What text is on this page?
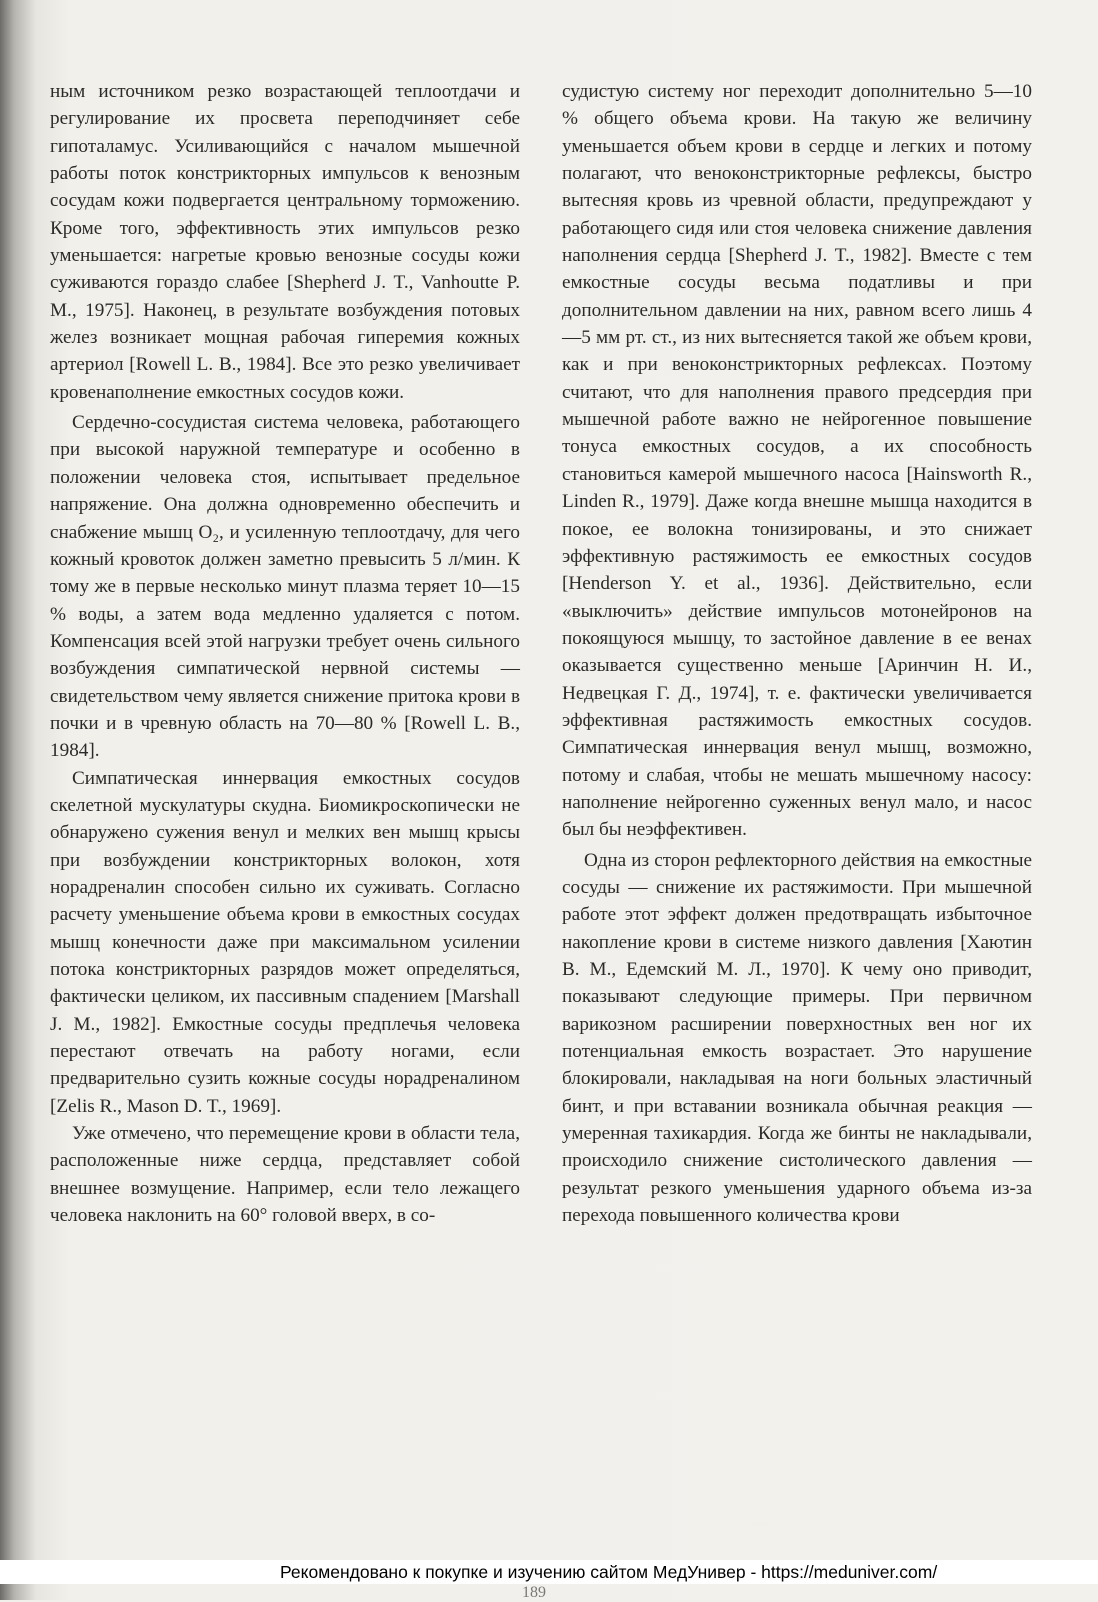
ным источником резко возрастающей теплоотдачи и регулирование их просвета переподчиняет себе гипоталамус. Усиливающийся с началом мышечной работы поток констрикторных импульсов к венозным сосудам кожи подвергается центральному торможению. Кроме того, эффективность этих импульсов резко уменьшается: нагретые кровью венозные сосуды кожи суживаются гораздо слабее [Shepherd J. T., Vanhoutte P. M., 1975]. Наконец, в результате возбуждения потовых желез возникает мощная рабочая гиперемия кожных артериол [Rowell L. B., 1984]. Все это резко увеличивает кровенаполнение емкостных сосудов кожи.

Сердечно-сосудистая система человека, работающего при высокой наружной температуре и особенно в положении человека стоя, испытывает предельное напряжение. Она должна одновременно обеспечить и снабжение мышц O₂, и усиленную теплоотдачу, для чего кожный кровоток должен заметно превысить 5 л/мин. К тому же в первые несколько минут плазма теряет 10—15 % воды, а затем вода медленно удаляется с потом. Компенсация всей этой нагрузки требует очень сильного возбуждения симпатической нервной системы — свидетельством чему является снижение притока крови в почки и в чревную область на 70—80 % [Rowell L. B., 1984].

Симпатическая иннервация емкостных сосудов скелетной мускулатуры скудна. Биомикроскопически не обнаружено сужения венул и мелких вен мышц крысы при возбуждении констрикторных волокон, хотя норадреналин способен сильно их суживать. Согласно расчету уменьшение объема крови в емкостных сосудах мышц конечности даже при максимальном усилении потока констрикторных разрядов может определяться, фактически целиком, их пассивным спадением [Marshall J. M., 1982]. Емкостные сосуды предплечья человека перестают отвечать на работу ногами, если предварительно сузить кожные сосуды норадреналином [Zelis R., Mason D. T., 1969].

Уже отмечено, что перемещение крови в области тела, расположенные ниже сердца, представляет собой внешнее возмущение. Например, если тело лежащего человека наклонить на 60° головой вверх, в со-

судистую систему ног переходит дополнительно 5—10 % общего объема крови. На такую же величину уменьшается объем крови в сердце и легких и потому полагают, что веноконстрикторные рефлексы, быстро вытесняя кровь из чревной области, предупреждают у работающего сидя или стоя человека снижение давления наполнения сердца [Shepherd J. T., 1982]. Вместе с тем емкостные сосуды весьма податливы и при дополнительном давлении на них, равном всего лишь 4—5 мм рт. ст., из них вытесняется такой же объем крови, как и при веноконстрикторных рефлексах. Поэтому считают, что для наполнения правого предсердия при мышечной работе важно не нейрогенное повышение тонуса емкостных сосудов, а их способность становиться камерой мышечного насоса [Hainsworth R., Linden R., 1979]. Даже когда внешне мышца находится в покое, ее волокна тонизированы, и это снижает эффективную растяжимость ее емкостных сосудов [Henderson Y. et al., 1936]. Действительно, если «выключить» действие импульсов мотонейронов на покоящуюся мышцу, то застойное давление в ее венах оказывается существенно меньше [Аринчин Н. И., Недвецкая Г. Д., 1974], т. е. фактически увеличивается эффективная растяжимость емкостных сосудов. Симпатическая иннервация венул мышц, возможно, потому и слабая, чтобы не мешать мышечному насосу: наполнение нейрогенно суженных венул мало, и насос был бы неэффективен.

Одна из сторон рефлекторного действия на емкостные сосуды — снижение их растяжимости. При мышечной работе этот эффект должен предотвращать избыточное накопление крови в системе низкого давления [Хаютин В. М., Едемский М. Л., 1970]. К чему оно приводит, показывают следующие примеры. При первичном варикозном расширении поверхностных вен ног их потенциальная емкость возрастает. Это нарушение блокировали, накладывая на ноги больных эластичный бинт, и при вставании возникала обычная реакция — умеренная тахикардия. Когда же бинты не накладывали, происходило снижение систолического давления — результат резкого уменьшения ударного объема из-за перехода повышенного количества крови

189
Рекомендовано к покупке и изучению сайтом МедУнивер - https://meduniver.com/
